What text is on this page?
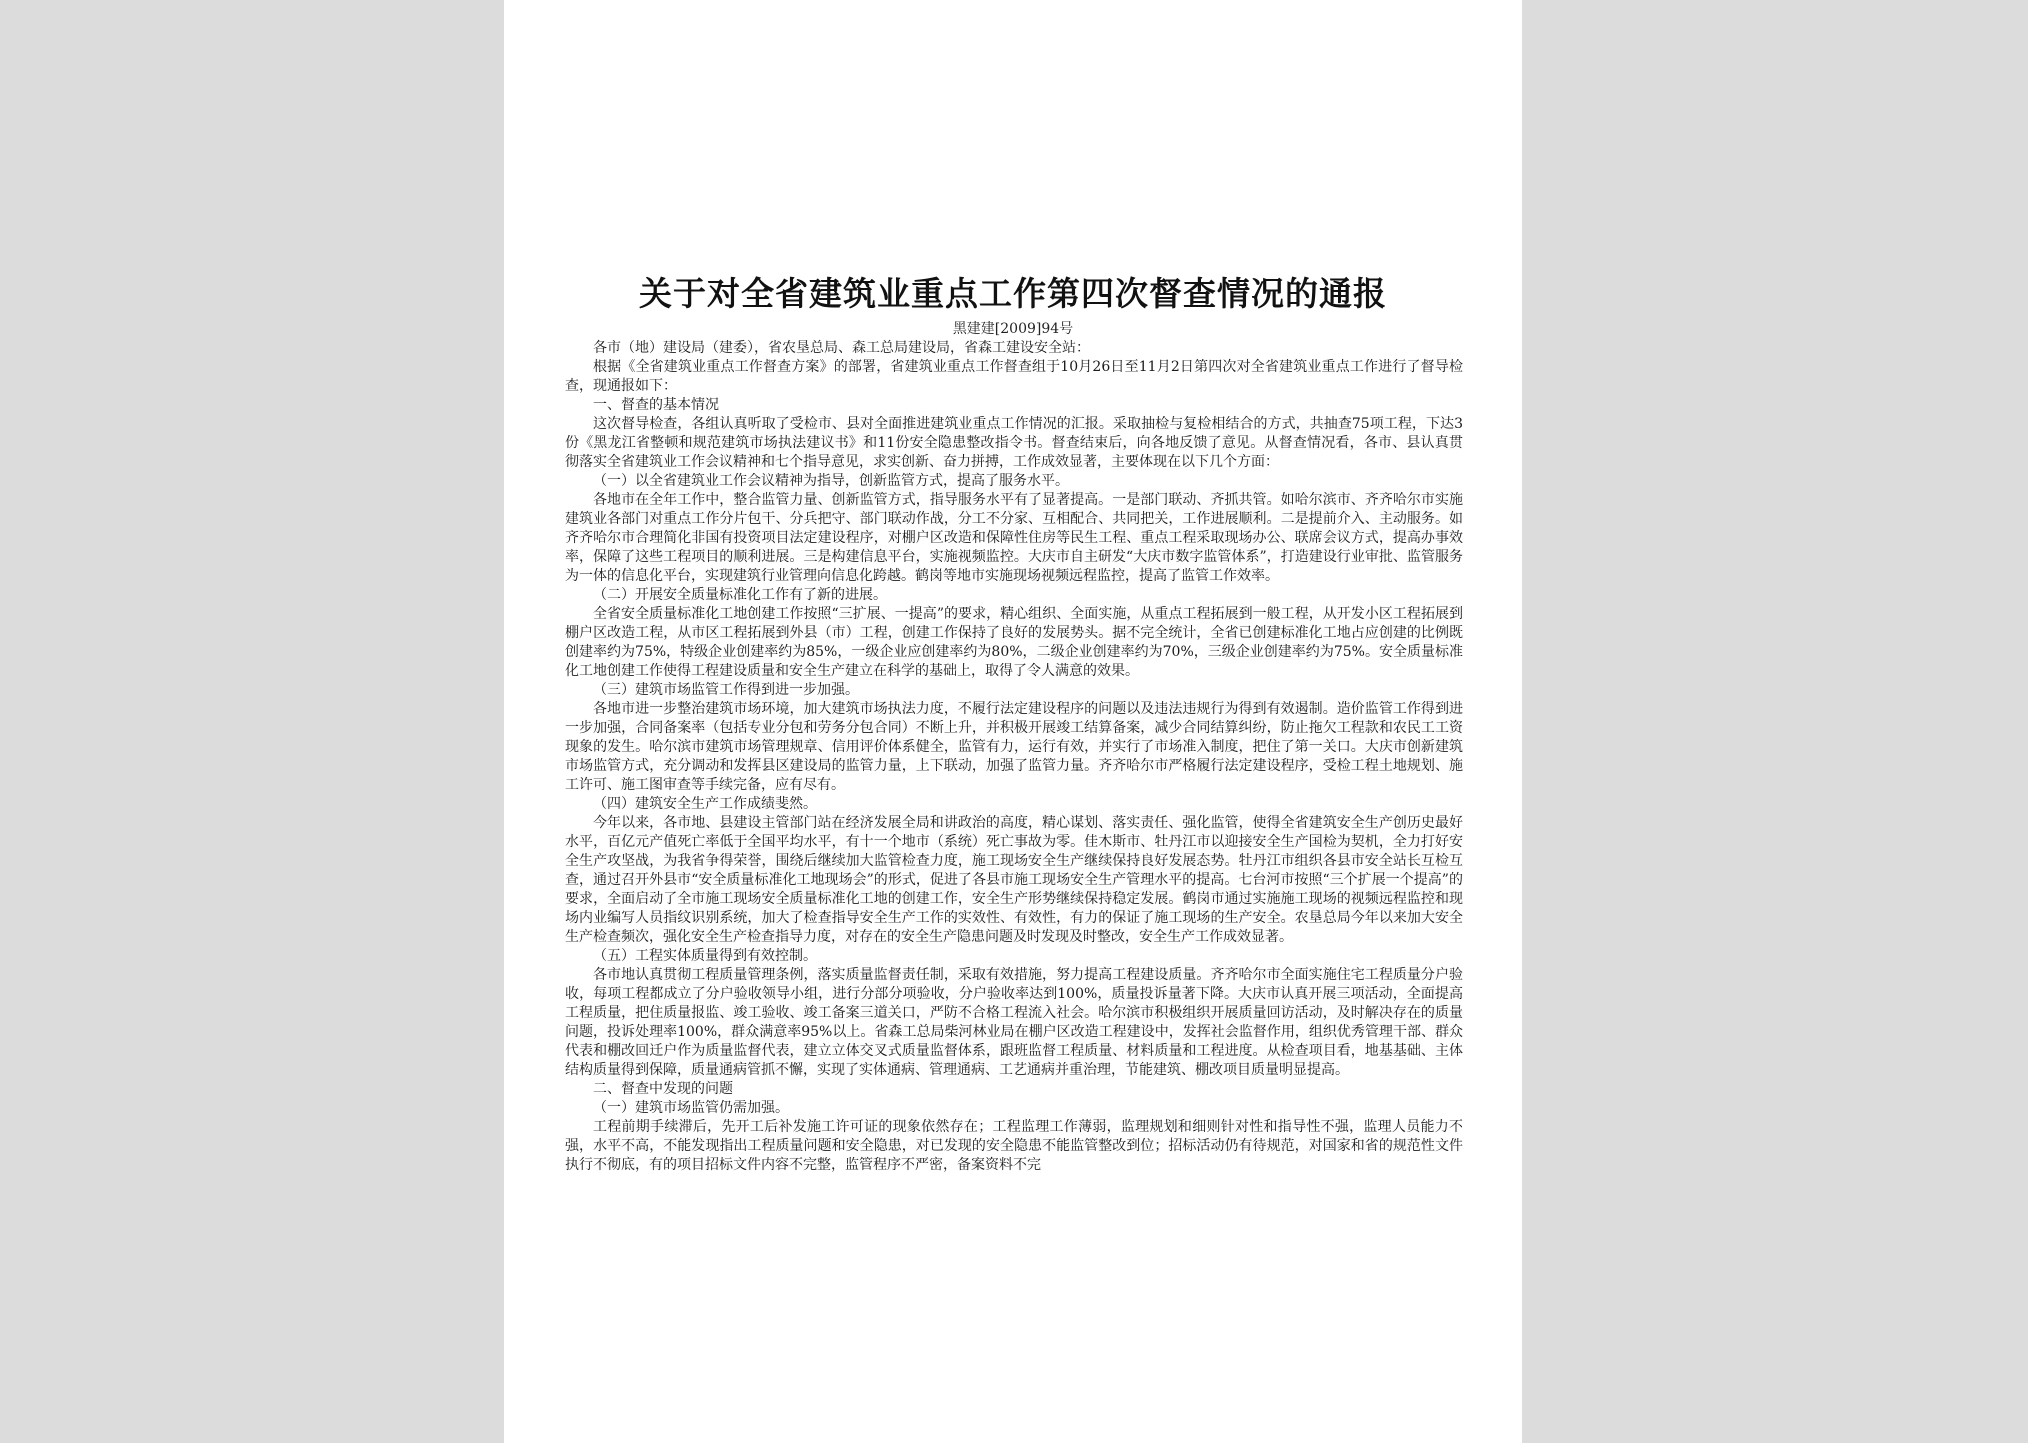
关于对全省建筑业重点工作第四次督查情况的通报
黑建建[2009]94号

各市（地）建设局（建委），省农垦总局、森工总局建设局，省森工建设安全站：

根据《全省建筑业重点工作督查方案》的部署，省建筑业重点工作督查组于10月26日至11月2日第四次对全省建筑业重点工作进行了督导检查，现通报如下：

一、督查的基本情况

这次督导检查，各组认真听取了受检市、县对全面推进建筑业重点工作情况的汇报。采取抽检与复检相结合的方式，共抽查75项工程，下达3份《黑龙江省整顿和规范建筑市场执法建议书》和11份安全隐患整改指令书。督查结束后，向各地反馈了意见。从督查情况看，各市、县认真贯彻落实全省建筑业工作会议精神和七个指导意见，求实创新、奋力拼搏，工作成效显著，主要体现在以下几个方面：

（一）以全省建筑业工作会议精神为指导，创新监管方式，提高了服务水平。

各地市在全年工作中，整合监管力量、创新监管方式，指导服务水平有了显著提高。一是部门联动、齐抓共管。如哈尔滨市、齐齐哈尔市实施建筑业各部门对重点工作分片包干、分兵把守、部门联动作战，分工不分家、互相配合、共同把关，工作进展顺利。二是提前介入、主动服务。如齐齐哈尔市合理简化非国有投资项目法定建设程序，对棚户区改造和保障性住房等民生工程、重点工程采取现场办公、联席会议方式，提高办事效率，保障了这些工程项目的顺利进展。三是构建信息平台，实施视频监控。大庆市自主研发“大庆市数字监管体系”，打造建设行业审批、监管服务为一体的信息化平台，实现建筑行业管理向信息化跨越。鹤岗等地市实施现场视频远程监控，提高了监管工作效率。

（二）开展安全质量标准化工作有了新的进展。

全省安全质量标准化工地创建工作按照“三扩展、一提高”的要求，精心组织、全面实施，从重点工程拓展到一般工程，从开发小区工程拓展到棚户区改造工程，从市区工程拓展到外县（市）工程，创建工作保持了良好的发展势头。据不完全统计，全省已创建标准化工地占应创建的比例既创建率约为75%，特级企业创建率约为85%，一级企业应创建率约为80%，二级企业创建率约为70%，三级企业创建率约为75%。安全质量标准化工地创建工作使得工程建设质量和安全生产建立在科学的基础上，取得了令人满意的效果。

（三）建筑市场监管工作得到进一步加强。

各地市进一步整治建筑市场环境，加大建筑市场执法力度，不履行法定建设程序的问题以及违法违规行为得到有效遏制。造价监管工作得到进一步加强，合同备案率（包括专业分包和劳务分包合同）不断上升，并积极开展竣工结算备案，减少合同结算纠纷，防止拖欠工程款和农民工工资现象的发生。哈尔滨市建筑市场管理规章、信用评价体系健全，监管有力，运行有效，并实行了市场准入制度，把住了第一关口。大庆市创新建筑市场监管方式，充分调动和发挥县区建设局的监管力量，上下联动，加强了监管力量。齐齐哈尔市严格履行法定建设程序，受检工程土地规划、施工许可、施工图审查等手续完备，应有尽有。

（四）建筑安全生产工作成绩斐然。

今年以来，各市地、县建设主管部门站在经济发展全局和讲政治的高度，精心谋划、落实责任、强化监管，使得全省建筑安全生产创历史最好水平，百亿元产值死亡率低于全国平均水平，有十一个地市（系统）死亡事故为零。佳木斯市、牡丹江市以迎接安全生产国检为契机，全力打好安全生产攻坚战，为我省争得荣誉，围绕后继续加大监管检查力度，施工现场安全生产继续保持良好发展态势。牡丹江市组织各县市安全站长互检互查，通过召开外县市“安全质量标准化工地现场会”的形式，促进了各县市施工现场安全生产管理水平的提高。七台河市按照“三个扩展一个提高”的要求，全面启动了全市施工现场安全质量标准化工地的创建工作，安全生产形势继续保持稳定发展。鹤岗市通过实施施工现场的视频远程监控和现场内业编写人员指纹识别系统，加大了检查指导安全生产工作的实效性、有效性，有力的保证了施工现场的生产安全。农垦总局今年以来加大安全生产检查频次，强化安全生产检查指导力度，对存在的安全生产隐患问题及时发现及时整改，安全生产工作成效显著。

（五）工程实体质量得到有效控制。

各市地认真贯彻工程质量管理条例，落实质量监督责任制，采取有效措施，努力提高工程建设质量。齐齐哈尔市全面实施住宅工程质量分户验收，每项工程都成立了分户验收领导小组，进行分部分项验收，分户验收率达到100%，质量投诉量著下降。大庆市认真开展三项活动，全面提高工程质量，把住质量报监、竣工验收、竣工备案三道关口，严防不合格工程流入社会。哈尔滨市积极组织开展质量回访活动，及时解决存在的质量问题，投诉处理率100%，群众满意率95%以上。省森工总局柴河林业局在棚户区改造工程建设中，发挥社会监督作用，组织优秀管理干部、群众代表和棚改回迁户作为质量监督代表，建立立体交叉式质量监督体系，跟班监督工程质量、材料质量和工程进度。从检查项目看，地基基础、主体结构质量得到保障，质量通病管抓不懈，实现了实体通病、管理通病、工艺通病并重治理，节能建筑、棚改项目质量明显提高。

二、督查中发现的问题

（一）建筑市场监管仍需加强。

工程前期手续滞后，先开工后补发施工许可证的现象依然存在；工程监理工作薄弱，监理规划和细则针对性和指导性不强，监理人员能力不强，水平不高，不能发现指出工程质量问题和安全隐患，对已发现的安全隐患不能监管整改到位；招标活动仍有待规范，对国家和省的规范性文件执行不彻底，有的项目招标文件内容不完整，监管程序不严密，备案资料不完
